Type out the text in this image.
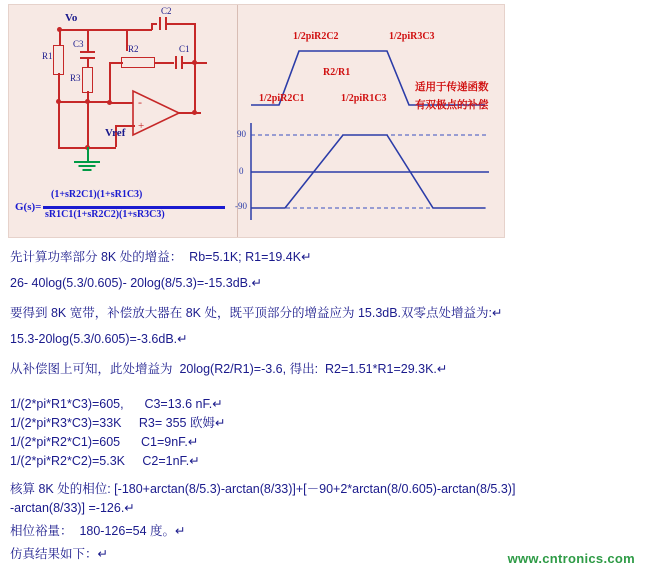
-
+
Vo
C2
R1
C3	R2	C1
R3
Vref
G(s)=
(1+sR2C1)(1+sR1C3)
sR1C1(1+sR2C2)(1+sR3C3)
90
0
-90
1/2piR2C2	1/2piR3C3
R2/R1
1/2piR2C1	1/2piR1C3
适用于传递函数
有双极点的补偿

先计算功率部分 8K 处的增益：  Rb=5.1K; R1=19.4K↵

26- 40log(5.3/0.605)- 20log(8/5.3)=-15.3dB.↵

要得到 8K 宽带，补偿放大器在 8K 处，既平顶部分的增益应为 15.3dB.双零点处增益为:↵

15.3-20log(5.3/0.605)=-3.6dB.↵

从补偿图上可知，此处增益为  20log(R2/R1)=-3.6, 得出:  R2=1.51*R1=29.3K.↵

1/(2*pi*R1*C3)=605,      C3=13.6 nF.↵

1/(2*pi*R3*C3)=33K     R3= 355 欧姆↵

1/(2*pi*R2*C1)=605      C1=9nF.↵

1/(2*pi*R2*C2)=5.3K     C2=1nF.↵

核算 8K 处的相位: [-180+arctan(8/5.3)-arctan(8/33)]+[－90+2*arctan(8/0.605)-arctan(8/5.3)]

-arctan(8/33)] =-126.↵

相位裕量：  180-126=54 度。↵

仿真结果如下：↵	www.cntronics.com
